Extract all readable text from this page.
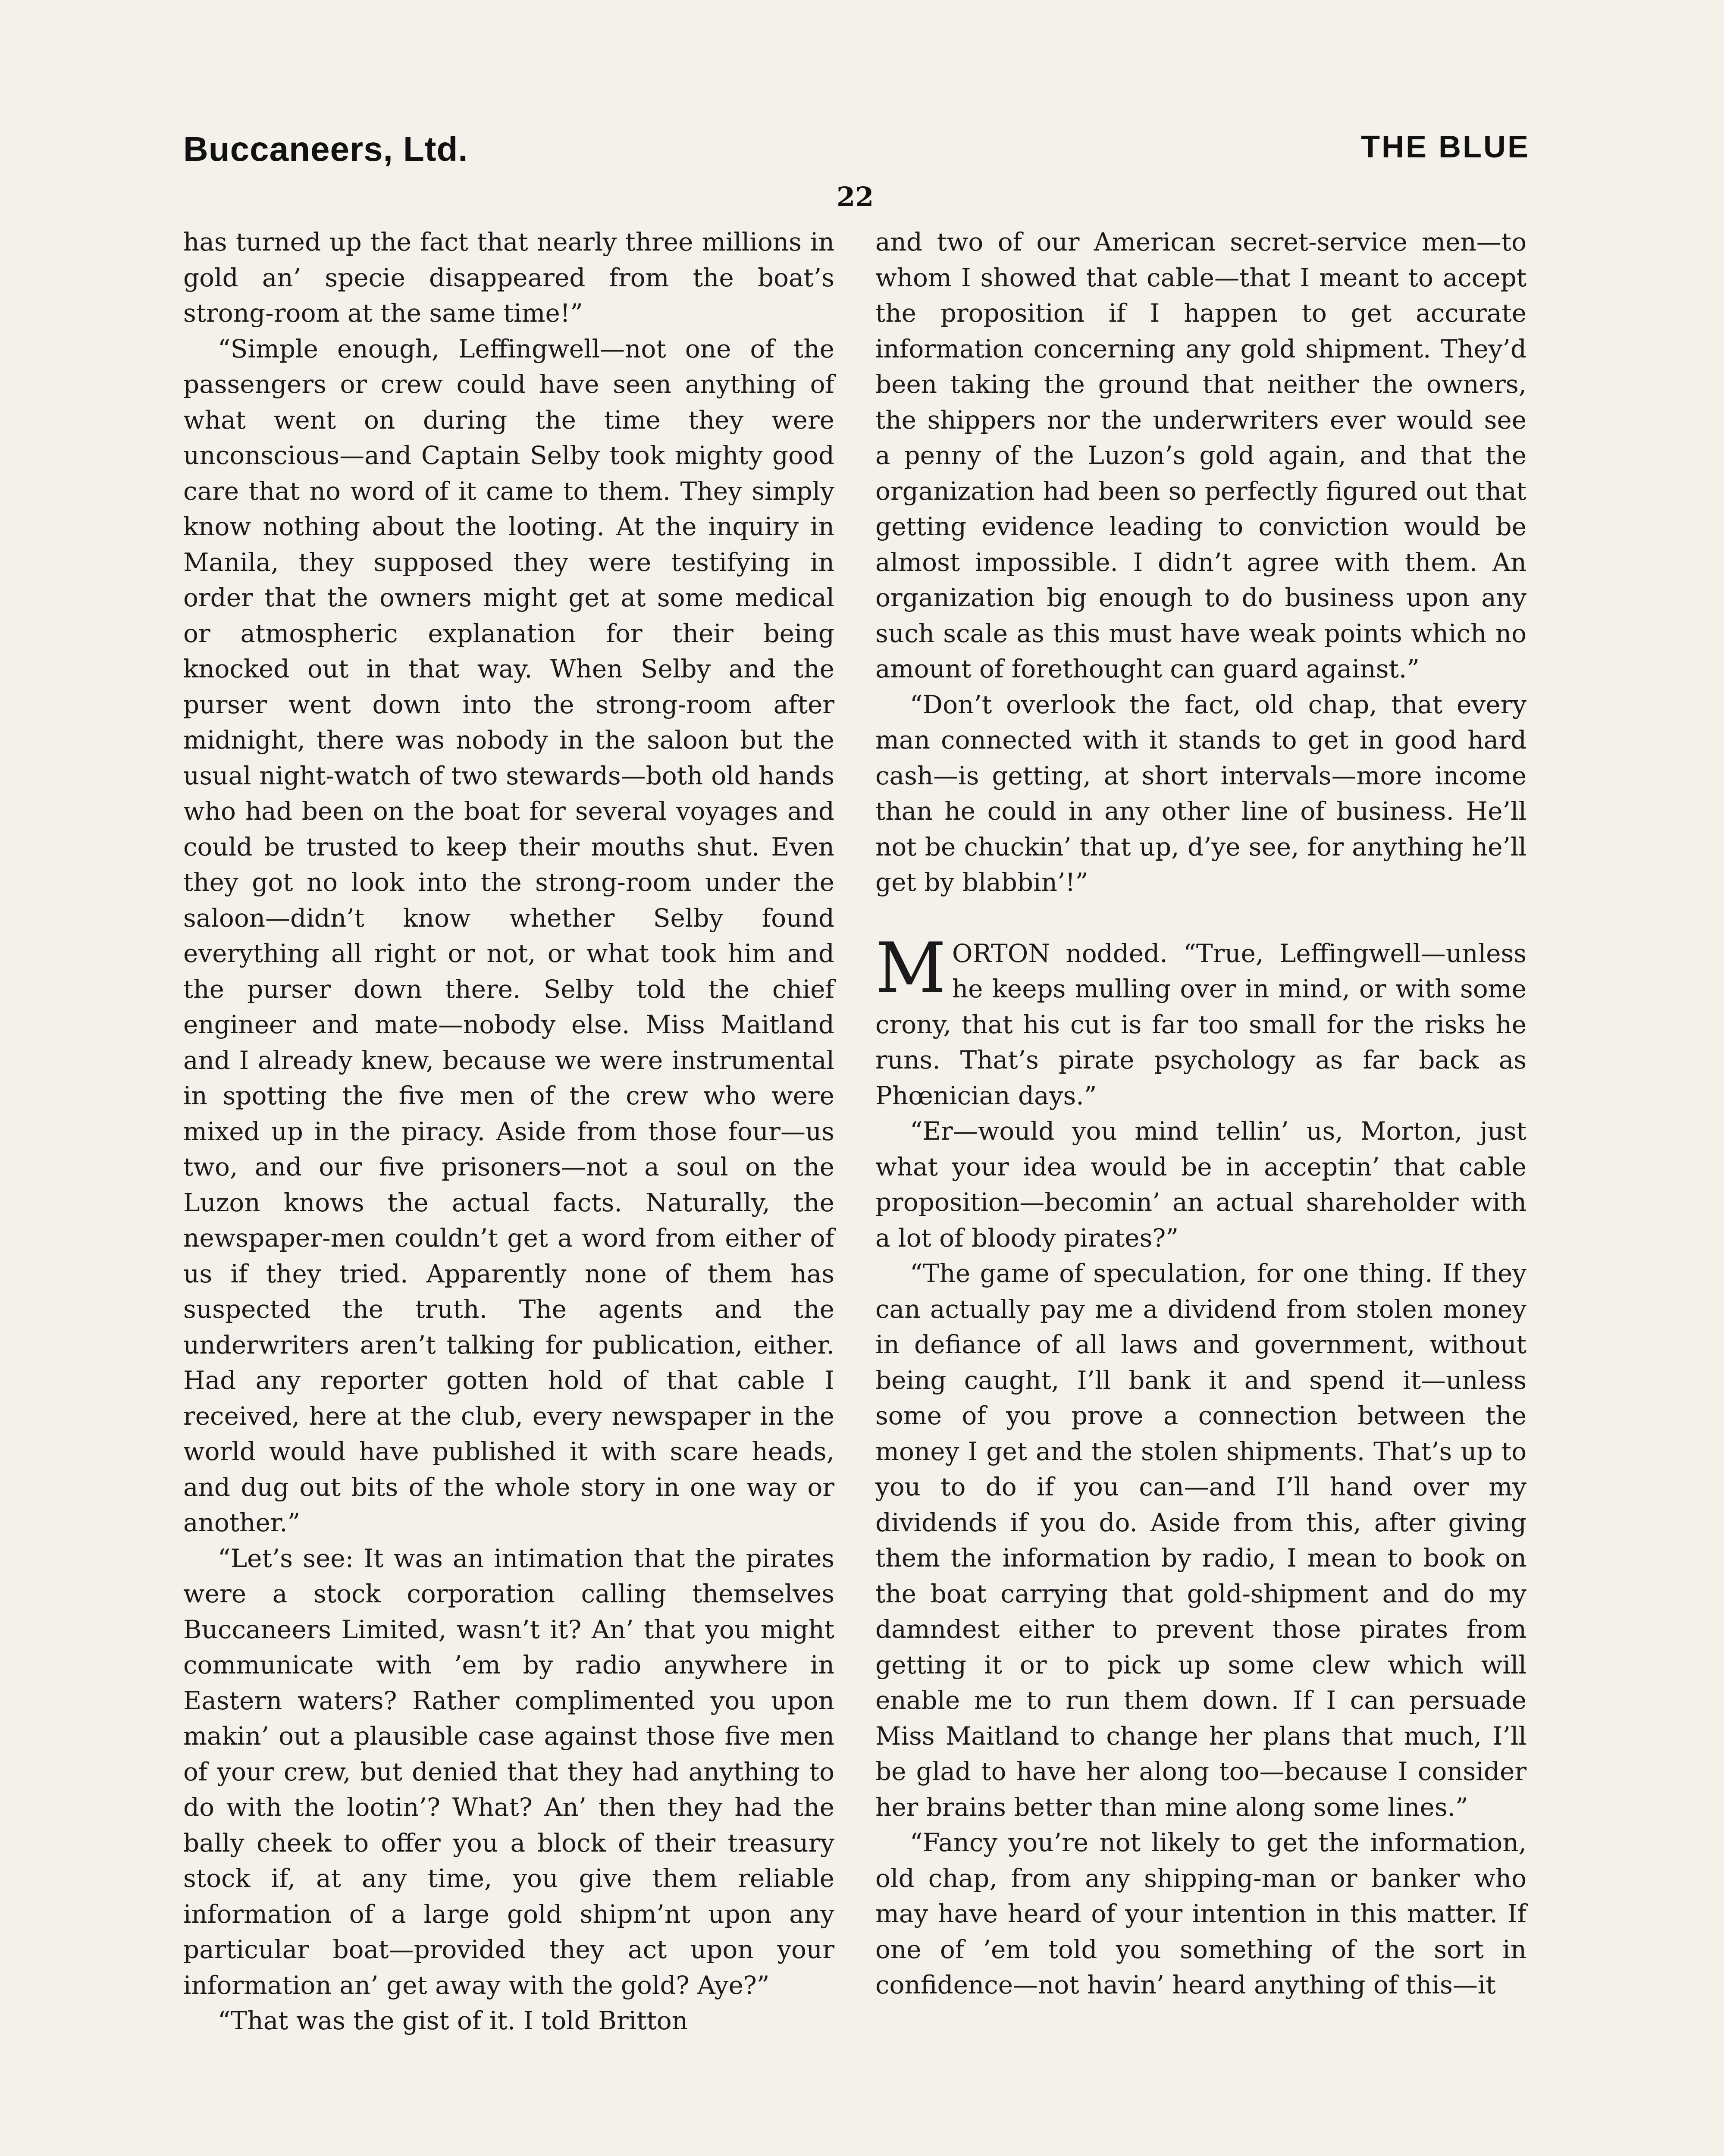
Buccaneers, Ltd.	THE BLUE
22

has turned up the fact that nearly three millions in gold an’ specie disappeared from the boat’s strong-room at the same time!”

“Simple enough, Leffingwell—not one of the passengers or crew could have seen anything of what went on during the time they were unconscious—and Captain Selby took mighty good care that no word of it came to them. They simply know nothing about the looting. At the inquiry in Manila, they supposed they were testifying in order that the owners might get at some medical or atmospheric explanation for their being knocked out in that way. When Selby and the purser went down into the strong-room after midnight, there was nobody in the saloon but the usual night-watch of two stewards—both old hands who had been on the boat for several voyages and could be trusted to keep their mouths shut. Even they got no look into the strong-room under the saloon—didn’t know whether Selby found everything all right or not, or what took him and the purser down there. Selby told the chief engineer and mate—nobody else. Miss Maitland and I already knew, because we were instrumental in spotting the five men of the crew who were mixed up in the piracy. Aside from those four—us two, and our five prisoners—not a soul on the Luzon knows the actual facts. Naturally, the newspaper-men couldn’t get a word from either of us if they tried. Apparently none of them has suspected the truth. The agents and the underwriters aren’t talking for publication, either. Had any reporter gotten hold of that cable I received, here at the club, every newspaper in the world would have published it with scare heads, and dug out bits of the whole story in one way or another.”

“Let’s see: It was an intimation that the pirates were a stock corporation calling themselves Buccaneers Limited, wasn’t it? An’ that you might communicate with ’em by radio anywhere in Eastern waters? Rather complimented you upon makin’ out a plausible case against those five men of your crew, but denied that they had anything to do with the lootin’? What? An’ then they had the bally cheek to offer you a block of their treasury stock if, at any time, you give them reliable information of a large gold shipm’nt upon any particular boat—provided they act upon your information an’ get away with the gold? Aye?”

“That was the gist of it. I told Britton

and two of our American secret-service men—to whom I showed that cable—that I meant to accept the proposition if I happen to get accurate information concerning any gold shipment. They’d been taking the ground that neither the owners, the shippers nor the underwriters ever would see a penny of the Luzon’s gold again, and that the organization had been so perfectly figured out that getting evidence leading to conviction would be almost impossible. I didn’t agree with them. An organization big enough to do business upon any such scale as this must have weak points which no amount of forethought can guard against.”

“Don’t overlook the fact, old chap, that every man connected with it stands to get in good hard cash—is getting, at short intervals—more income than he could in any other line of business. He’ll not be chuckin’ that up, d’ye see, for anything he’ll get by blabbin’!”

MORTON nodded. “True, Leffingwell—unless he keeps mulling over in mind, or with some crony, that his cut is far too small for the risks he runs. That’s pirate psychology as far back as Phœnician days.”

“Er—would you mind tellin’ us, Morton, just what your idea would be in acceptin’ that cable proposition—becomin’ an actual shareholder with a lot of bloody pirates?”

“The game of speculation, for one thing. If they can actually pay me a dividend from stolen money in defiance of all laws and government, without being caught, I’ll bank it and spend it—unless some of you prove a connection between the money I get and the stolen shipments. That’s up to you to do if you can—and I’ll hand over my dividends if you do. Aside from this, after giving them the information by radio, I mean to book on the boat carrying that gold-shipment and do my damndest either to prevent those pirates from getting it or to pick up some clew which will enable me to run them down. If I can persuade Miss Maitland to change her plans that much, I’ll be glad to have her along too—because I consider her brains better than mine along some lines.”

“Fancy you’re not likely to get the information, old chap, from any shipping-man or banker who may have heard of your intention in this matter. If one of ’em told you something of the sort in confidence—not havin’ heard anything of this—it
